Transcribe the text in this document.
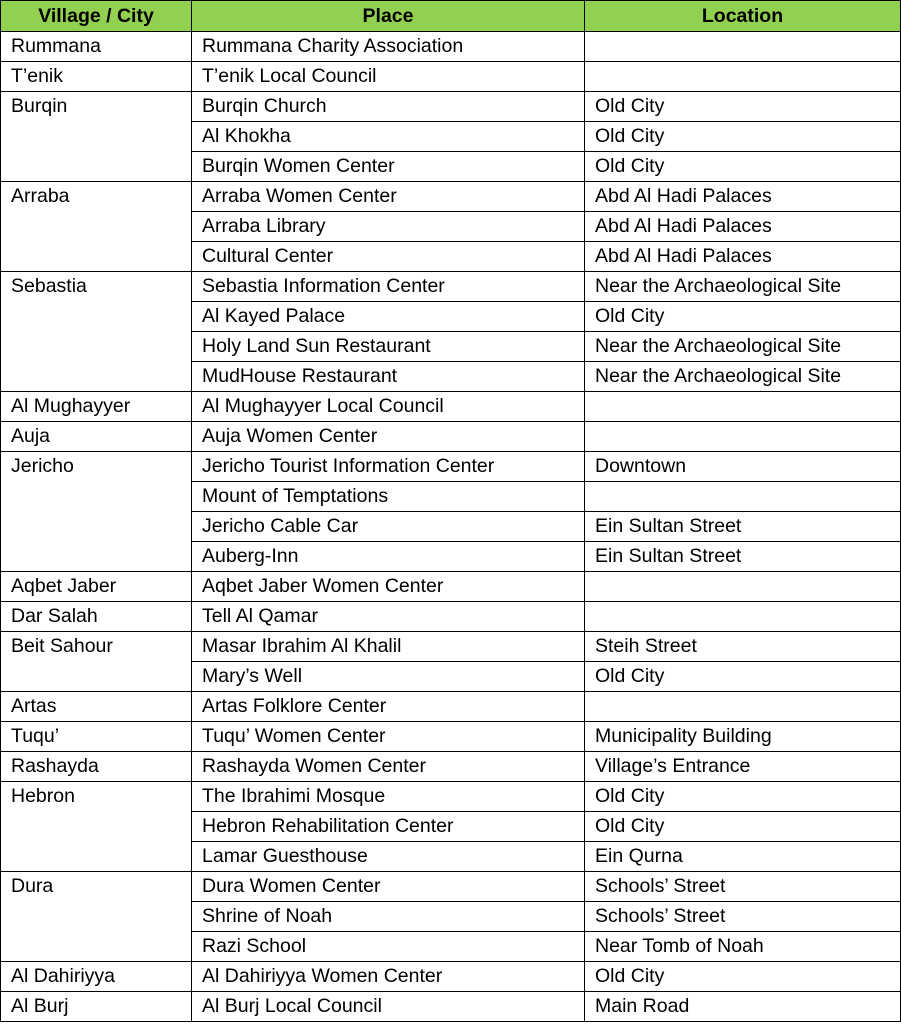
Village / City	Place	Location
Rummana	Rummana Charity Association	
T’enik	T’enik Local Council	
Burqin	Burqin Church	Old City
	Al Khokha	Old City
	Burqin Women Center	Old City
Arraba	Arraba Women Center	Abd Al Hadi Palaces
	Arraba Library	Abd Al Hadi Palaces
	Cultural Center	Abd Al Hadi Palaces
Sebastia	Sebastia Information Center	Near the Archaeological Site
	Al Kayed Palace	Old City
	Holy Land Sun Restaurant	Near the Archaeological Site
	MudHouse Restaurant	Near the Archaeological Site
Al Mughayyer	Al Mughayyer Local Council	
Auja	Auja Women Center	
Jericho	Jericho Tourist Information Center	Downtown
	Mount of Temptations	
	Jericho Cable Car	Ein Sultan Street
	Auberg-Inn	Ein Sultan Street
Aqbet Jaber	Aqbet Jaber Women Center	
Dar Salah	Tell Al Qamar	
Beit Sahour	Masar Ibrahim Al Khalil	Steih Street
	Mary’s Well	Old City
Artas	Artas Folklore Center	
Tuqu’	Tuqu’ Women Center	Municipality Building
Rashayda	Rashayda Women Center	Village’s Entrance
Hebron	The Ibrahimi Mosque	Old City
	Hebron Rehabilitation Center	Old City
	Lamar Guesthouse	Ein Qurna
Dura	Dura Women Center	Schools’ Street
	Shrine of Noah	Schools’ Street
	Razi School	Near Tomb of Noah
Al Dahiriyya	Al Dahiriyya Women Center	Old City
Al Burj	Al Burj Local Council	Main Road
